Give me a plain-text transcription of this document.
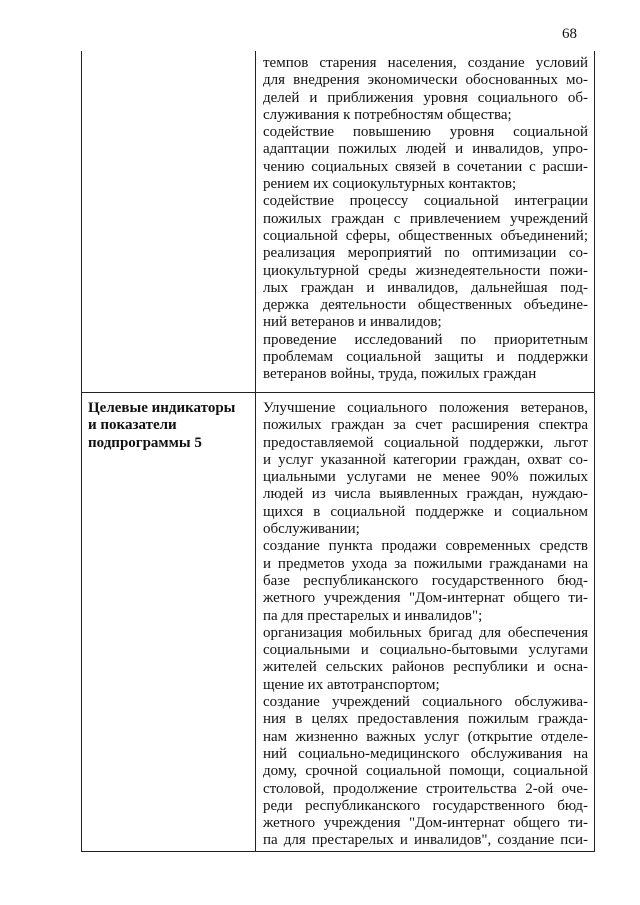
68
темпов старения населения, создание условий
для внедрения экономически обоснованных мо-
делей и приближения уровня социального об-
служивания к потребностям общества;
содействие повышению уровня социальной
адаптации пожилых людей и инвалидов, упро-
чению социальных связей в сочетании с расши-
рением их социокультурных контактов;
содействие процессу социальной интеграции
пожилых граждан с привлечением учреждений
социальной сферы, общественных объединений;
реализация мероприятий по оптимизации со-
циокультурной среды жизнедеятельности пожи-
лых граждан и инвалидов, дальнейшая под-
держка деятельности общественных объедине-
ний ветеранов и инвалидов;
проведение исследований по приоритетным
проблемам социальной защиты и поддержки
ветеранов войны, труда, пожилых граждан
Целевые индикаторы
и показатели
подпрограммы 5
Улучшение социального положения ветеранов,
пожилых граждан за счет расширения спектра
предоставляемой социальной поддержки, льгот
и услуг указанной категории граждан, охват со-
циальными услугами не менее 90% пожилых
людей из числа выявленных граждан, нуждаю-
щихся в социальной поддержке и социальном
обслуживании;
создание пункта продажи современных средств
и предметов ухода за пожилыми гражданами на
базе республиканского государственного бюд-
жетного учреждения "Дом-интернат общего ти-
па для престарелых и инвалидов";
организация мобильных бригад для обеспечения
социальными и социально-бытовыми услугами
жителей сельских районов республики и осна-
щение их автотранспортом;
создание учреждений социального обслужива-
ния в целях предоставления пожилым гражда-
нам жизненно важных услуг (открытие отделе-
ний социально-медицинского обслуживания на
дому, срочной социальной помощи, социальной
столовой, продолжение строительства 2-ой оче-
реди республиканского государственного бюд-
жетного учреждения "Дом-интернат общего ти-
па для престарелых и инвалидов", создание пси-
